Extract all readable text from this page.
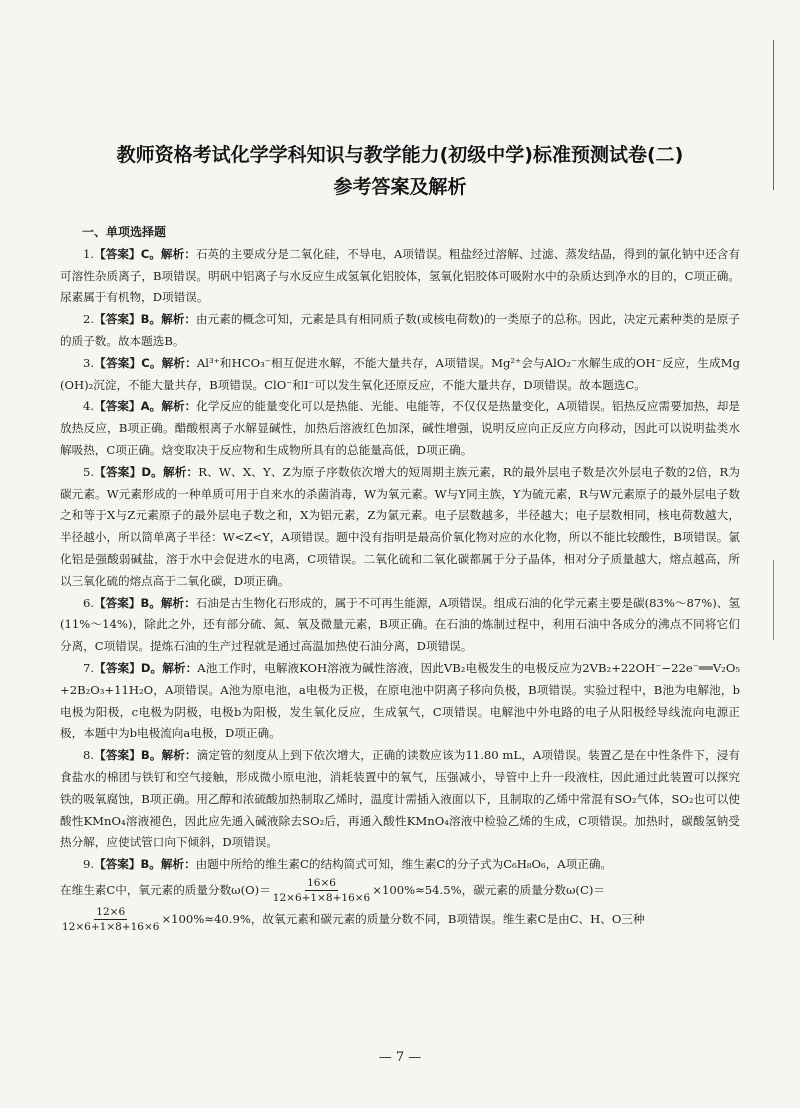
教师资格考试化学学科知识与教学能力(初级中学)标准预测试卷(二)
参考答案及解析
一、单项选择题

1.【答案】C。解析：石英的主要成分是二氧化硅，不导电，A项错误。粗盐经过溶解、过滤、蒸发结晶，得到的氯化钠中还含有可溶性杂质离子，B项错误。明矾中铝离子与水反应生成氢氧化铝胶体，氢氧化铝胶体可吸附水中的杂质达到净水的目的，C项正确。尿素属于有机物，D项错误。

2.【答案】B。解析：由元素的概念可知，元素是具有相同质子数(或核电荷数)的一类原子的总称。因此，决定元素种类的是原子的质子数。故本题选B。

3.【答案】C。解析：Al³⁺和HCO₃⁻相互促进水解，不能大量共存，A项错误。Mg²⁺会与AlO₂⁻水解生成的OH⁻反应，生成Mg(OH)₂沉淀，不能大量共存，B项错误。ClO⁻和I⁻可以发生氧化还原反应，不能大量共存，D项错误。故本题选C。

4.【答案】A。解析：化学反应的能量变化可以是热能、光能、电能等，不仅仅是热量变化，A项错误。铝热反应需要加热，却是放热反应，B项正确。醋酸根离子水解显碱性，加热后溶液红色加深，碱性增强，说明反应向正反应方向移动，因此可以说明盐类水解吸热，C项正确。焓变取决于反应物和生成物所具有的总能量高低，D项正确。

5.【答案】D。解析：R、W、X、Y、Z为原子序数依次增大的短周期主族元素，R的最外层电子数是次外层电子数的2倍，R为碳元素。W元素形成的一种单质可用于自来水的杀菌消毒，W为氧元素。W与Y同主族，Y为硫元素，R与W元素原子的最外层电子数之和等于X与Z元素原子的最外层电子数之和，X为铝元素，Z为氯元素。电子层数越多，半径越大；电子层数相同，核电荷数越大，半径越小，所以简单离子半径：W<Z<Y，A项错误。题中没有指明是最高价氧化物对应的水化物，所以不能比较酸性，B项错误。氯化铝是强酸弱碱盐，溶于水中会促进水的电离，C项错误。二氧化硫和二氧化碳都属于分子晶体，相对分子质量越大，熔点越高，所以三氧化硫的熔点高于二氧化碳，D项正确。

6.【答案】B。解析：石油是古生物化石形成的，属于不可再生能源，A项错误。组成石油的化学元素主要是碳(83%～87%)、氢(11%～14%)，除此之外，还有部分硫、氮、氧及微量元素，B项正确。在石油的炼制过程中，利用石油中各成分的沸点不同将它们分离，C项错误。提炼石油的生产过程就是通过高温加热使石油分离，D项错误。

7.【答案】D。解析：A池工作时，电解液KOH溶液为碱性溶液，因此VB₂电极发生的电极反应为2VB₂+22OH⁻−22e⁻══V₂O₅+2B₂O₃+11H₂O，A项错误。A池为原电池，a电极为正极，在原电池中阴离子移向负极，B项错误。实验过程中，B池为电解池，b电极为阳极，c电极为阴极，电极b为阳极，发生氧化反应，生成氧气，C项错误。电解池中外电路的电子从阳极经导线流向电源正极，本题中为b电极流向a电极，D项正确。

8.【答案】B。解析：滴定管的刻度从上到下依次增大，正确的读数应该为11.80 mL，A项错误。装置乙是在中性条件下，浸有食盐水的棉团与铁钉和空气接触，形成微小原电池，消耗装置中的氧气，压强减小，导管中上升一段液柱，因此通过此装置可以探究铁的吸氧腐蚀，B项正确。用乙醇和浓硫酸加热制取乙烯时，温度计需插入液面以下，且制取的乙烯中常混有SO₂气体，SO₂也可以使酸性KMnO₄溶液褪色，因此应先通入碱液除去SO₂后，再通入酸性KMnO₄溶液中检验乙烯的生成，C项错误。加热时，碳酸氢钠受热分解，应使试管口向下倾斜，D项错误。

9.【答案】B。解析：由题中所给的维生素C的结构简式可知，维生素C的分子式为C₆H₈O₆，A项正确。

在维生素C中，氧元素的质量分数$\omega(O)= \frac{16\times 6}{12\times 6+1\times 8+16\times 6} \times 100\%\approx 54.5\%$，碳元素的质量分数ω(C)＝
$\frac{12\times 6}{12\times 6+1\times 8+16\times 6} \times 100\%\approx 40.9\%$，故氧元素和碳元素的质量分数不同，B项错误。维生素C是由C、H、O三种
— 7 —
